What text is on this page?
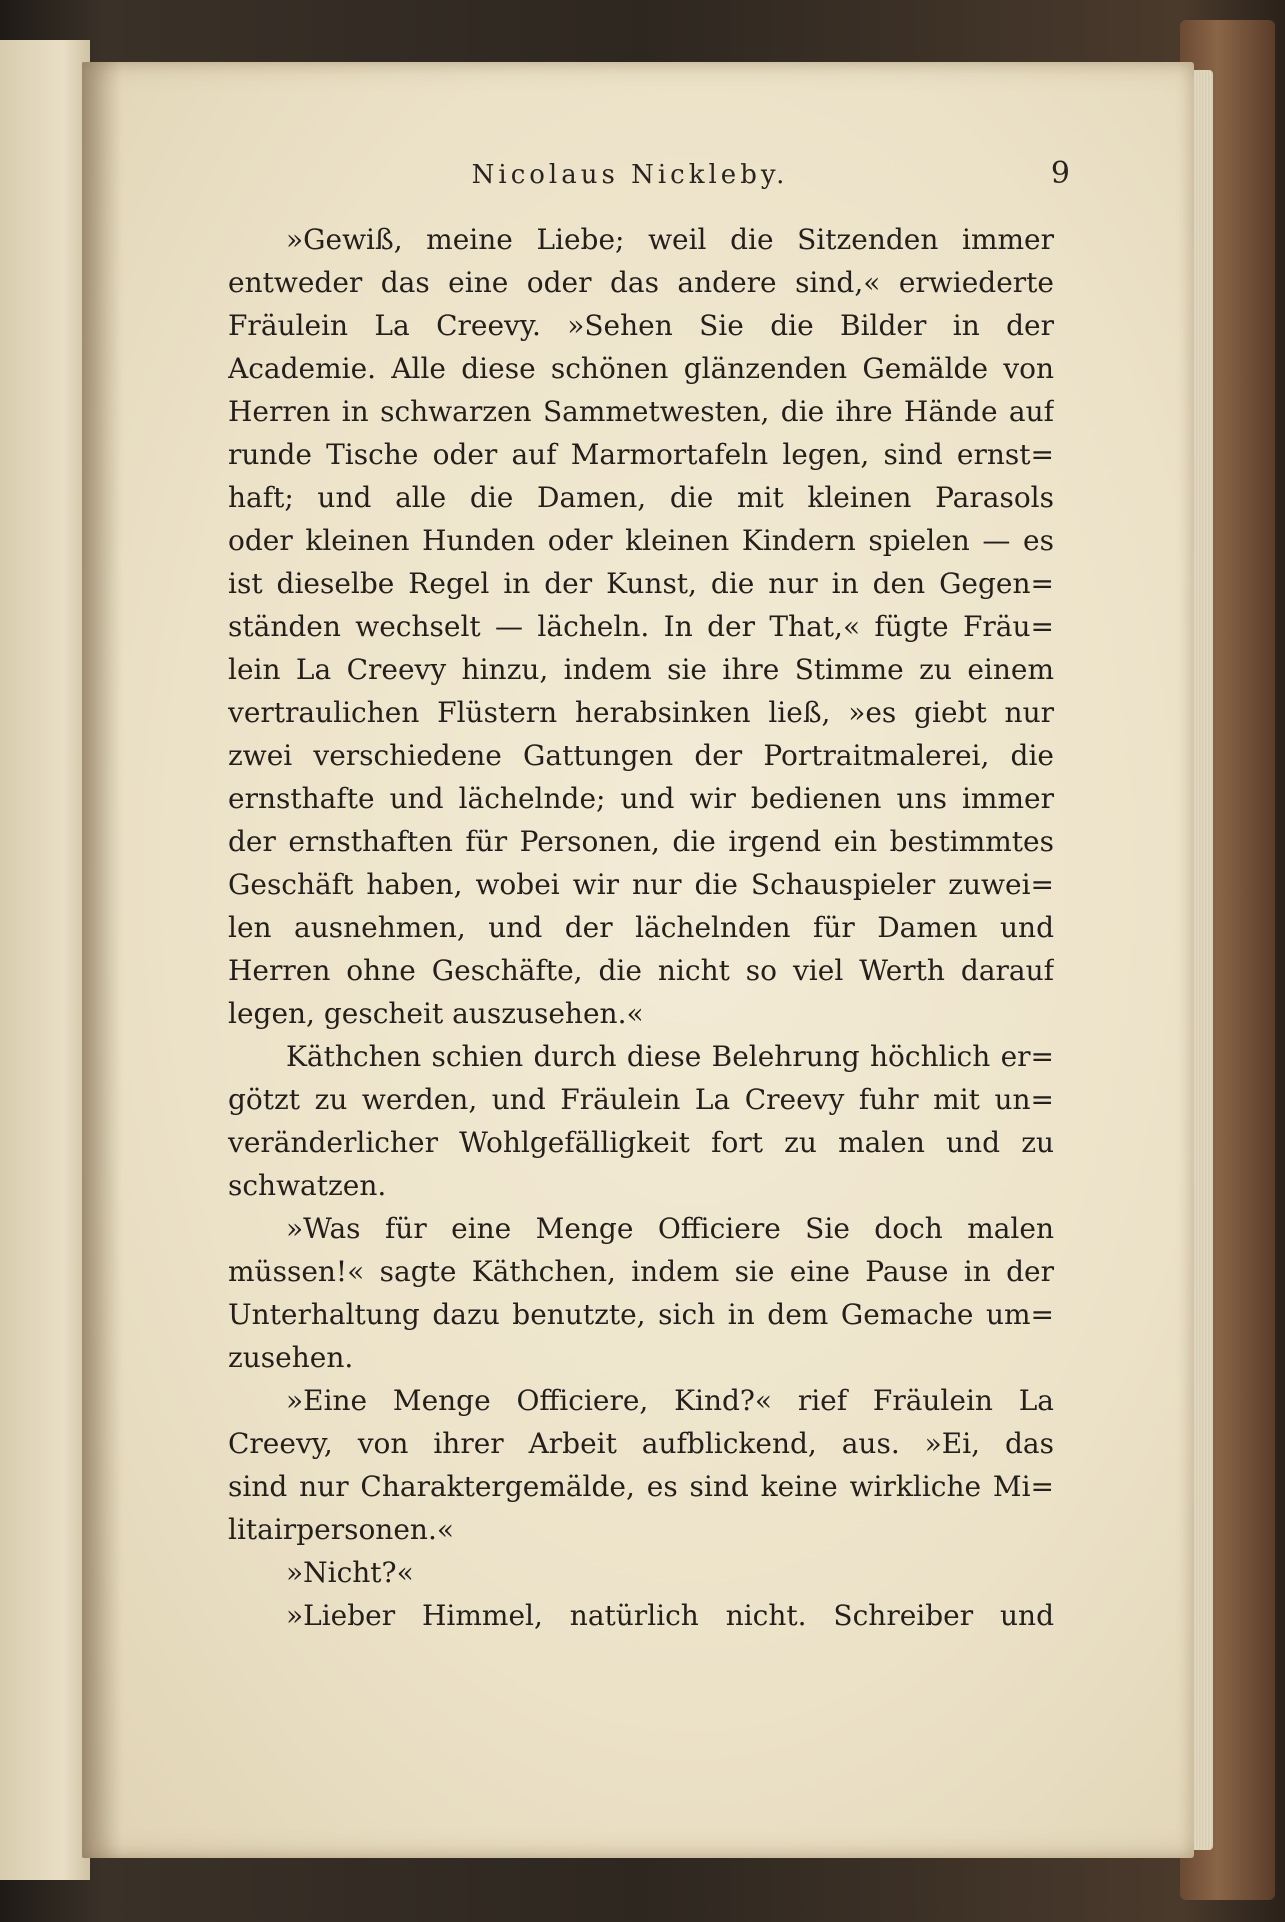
Nicolaus Nickleby.	9
»Gewiß, meine Liebe; weil die Sitzenden immer
entweder das eine oder das andere sind,« erwiederte
Fräulein La Creevy. »Sehen Sie die Bilder in der
Academie. Alle diese schönen glänzenden Gemälde von
Herren in schwarzen Sammetwesten, die ihre Hände auf
runde Tische oder auf Marmortafeln legen, sind ernst=
haft; und alle die Damen, die mit kleinen Parasols
oder kleinen Hunden oder kleinen Kindern spielen — es
ist dieselbe Regel in der Kunst, die nur in den Gegen=
ständen wechselt — lächeln. In der That,« fügte Fräu=
lein La Creevy hinzu, indem sie ihre Stimme zu einem
vertraulichen Flüstern herabsinken ließ, »es giebt nur
zwei verschiedene Gattungen der Portraitmalerei, die
ernsthafte und lächelnde; und wir bedienen uns immer
der ernsthaften für Personen, die irgend ein bestimmtes
Geschäft haben, wobei wir nur die Schauspieler zuwei=
len ausnehmen, und der lächelnden für Damen und
Herren ohne Geschäfte, die nicht so viel Werth darauf
legen, gescheit auszusehen.«
Käthchen schien durch diese Belehrung höchlich er=
götzt zu werden, und Fräulein La Creevy fuhr mit un=
veränderlicher Wohlgefälligkeit fort zu malen und zu
schwatzen.
»Was für eine Menge Officiere Sie doch malen
müssen!« sagte Käthchen, indem sie eine Pause in der
Unterhaltung dazu benutzte, sich in dem Gemache um=
zusehen.
»Eine Menge Officiere, Kind?« rief Fräulein La
Creevy, von ihrer Arbeit aufblickend, aus. »Ei, das
sind nur Charaktergemälde, es sind keine wirkliche Mi=
litairpersonen.«
»Nicht?«
»Lieber Himmel, natürlich nicht. Schreiber und
